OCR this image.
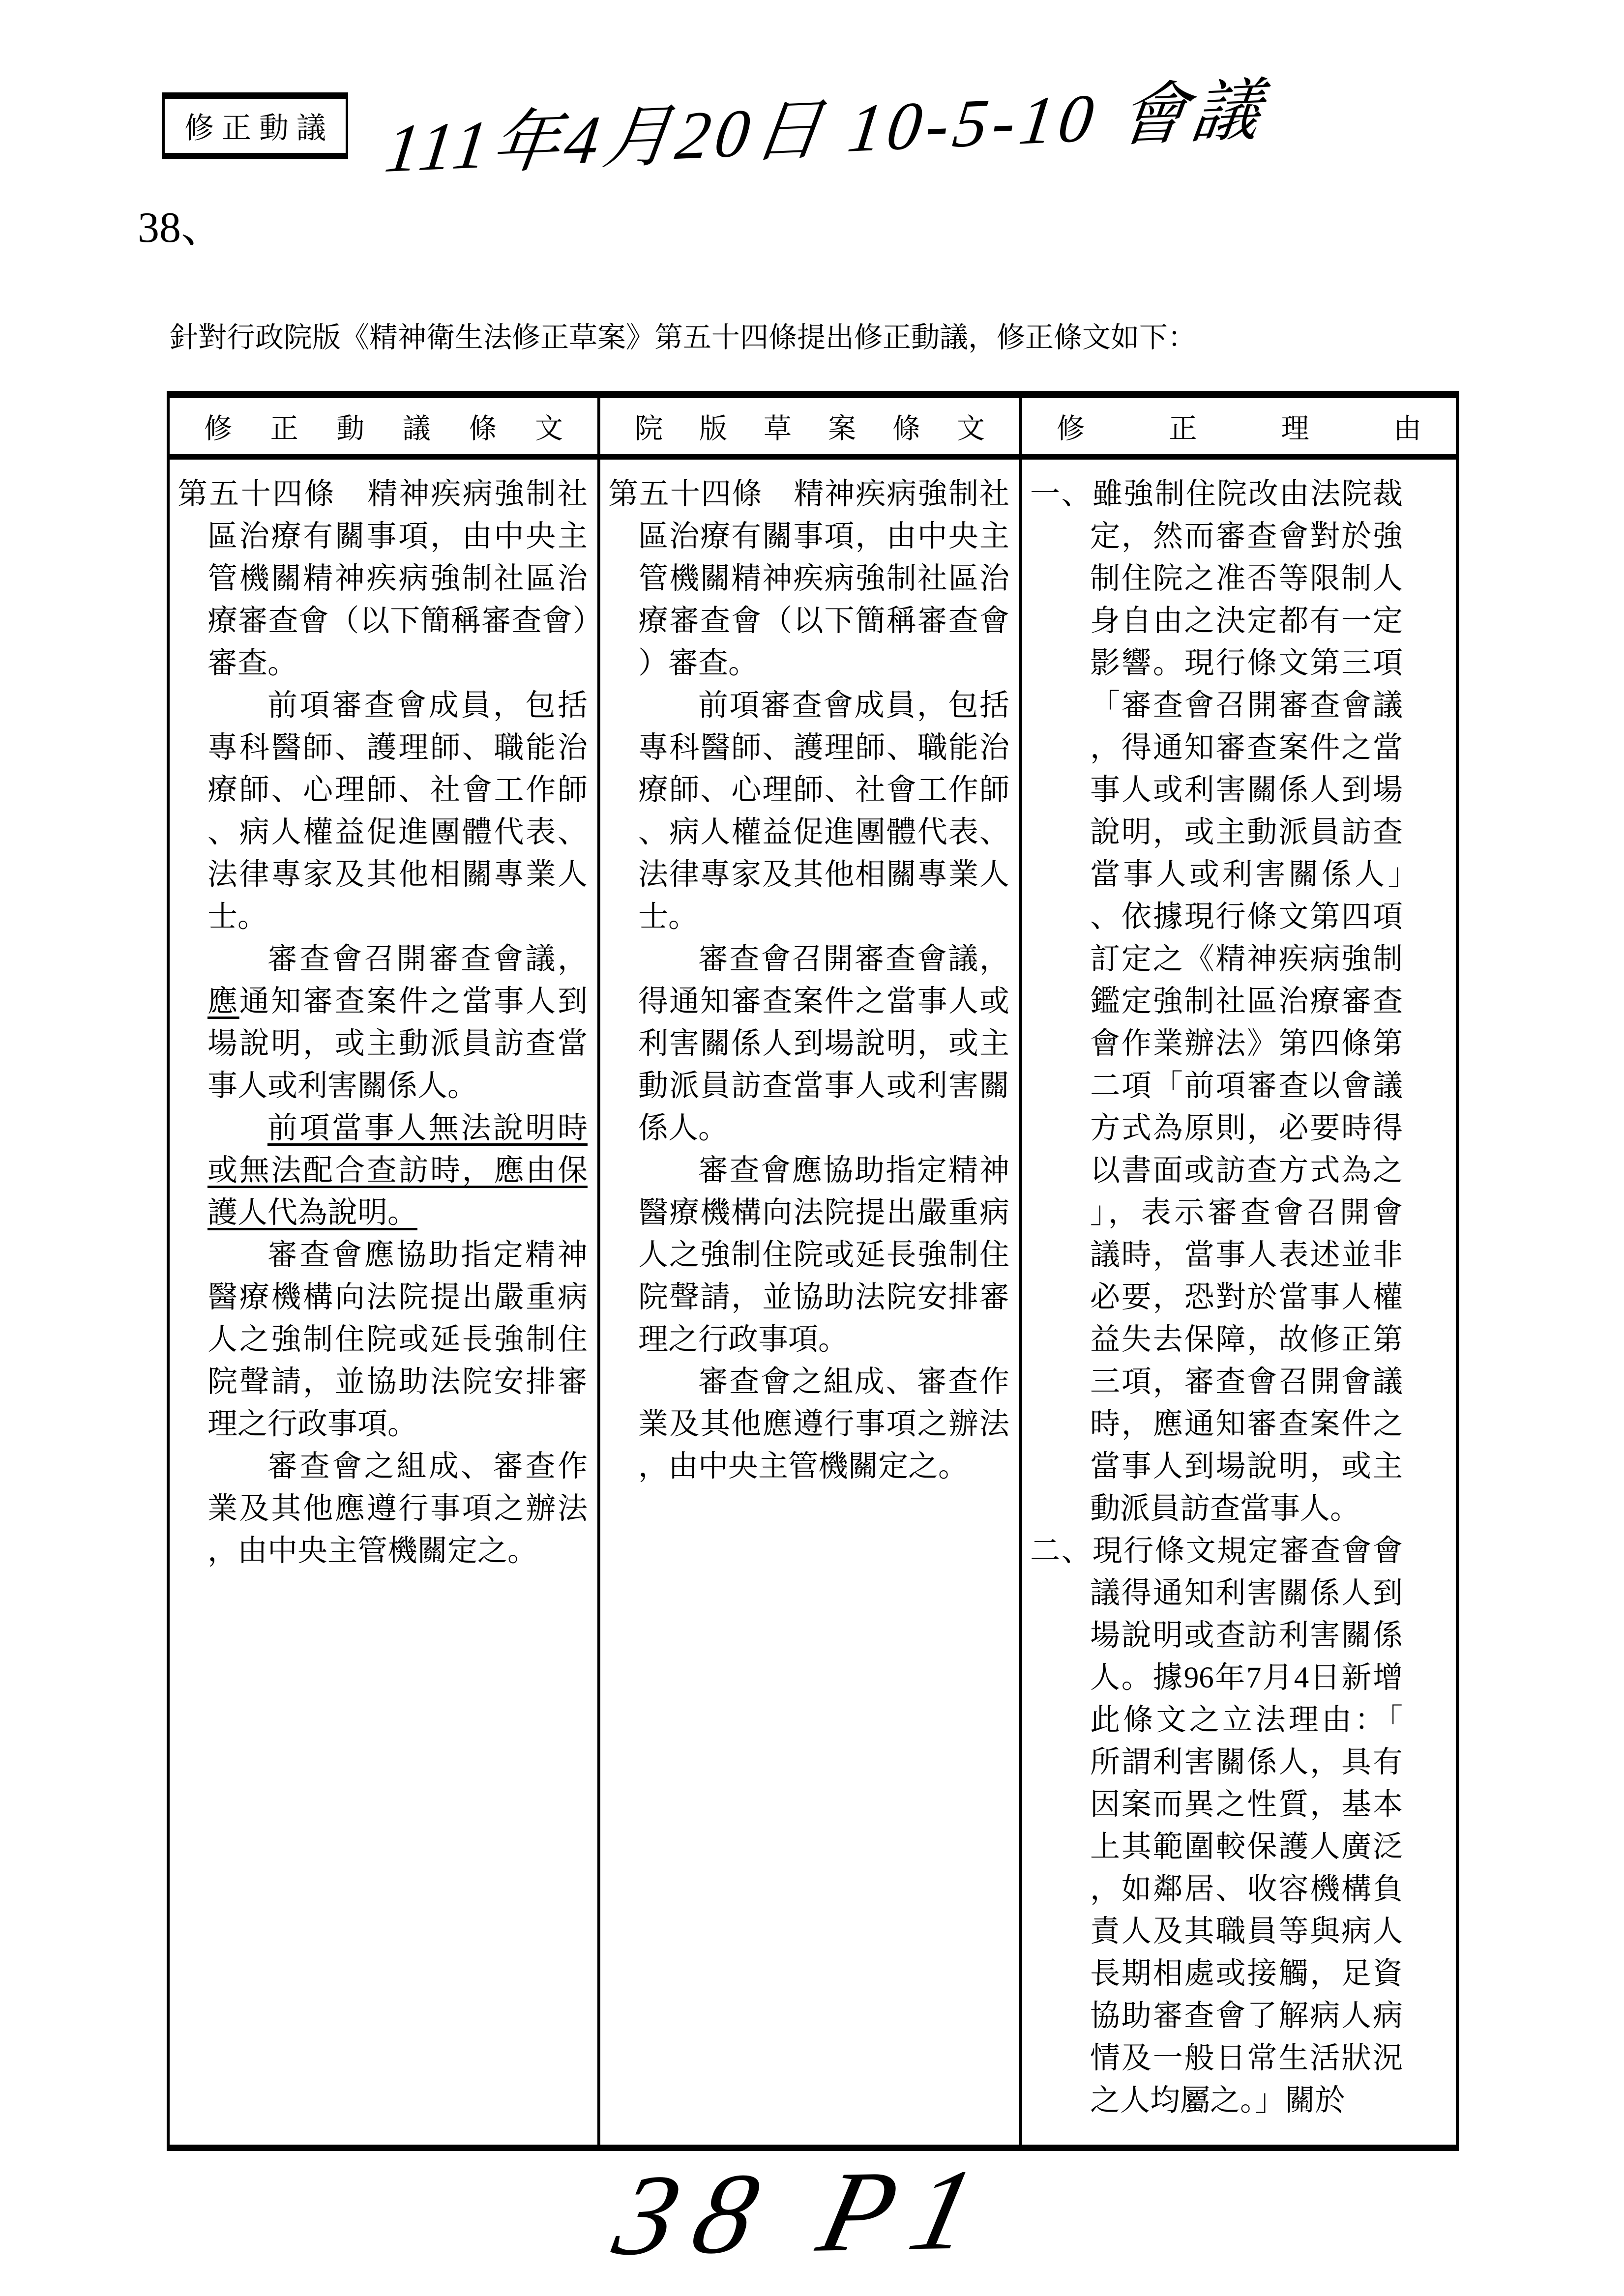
修正動議 111年4月20日 10-5-10 會議
38、
針對行政院版《精神衛生法修正草案》第五十四條提出修正動議，修正條文如下：
修正動議條文	院版草案條文	修正理由

第五十四條　精神疾病強制社區治療有關事項，由中央主管機關精神疾病強制社區治療審查會（以下簡稱審查會）審查。

前項審查會成員，包括專科醫師、護理師、職能治療師、心理師、社會工作師、病人權益促進團體代表、法律專家及其他相關專業人士。

審查會召開審查會議，應通知審查案件之當事人到場說明，或主動派員訪查當事人或利害關係人。

前項當事人無法說明時或無法配合查訪時，應由保護人代為說明。

審查會應協助指定精神醫療機構向法院提出嚴重病人之強制住院或延長強制住院聲請，並協助法院安排審理之行政事項。

審查會之組成、審查作業及其他應遵行事項之辦法，由中央主管機關定之。

第五十四條　精神疾病強制社區治療有關事項，由中央主管機關精神疾病強制社區治療審查會（以下簡稱審查會）審查。

前項審查會成員，包括專科醫師、護理師、職能治療師、心理師、社會工作師、病人權益促進團體代表、法律專家及其他相關專業人士。

審查會召開審查會議，得通知審查案件之當事人或利害關係人到場說明，或主動派員訪查當事人或利害關係人。

審查會應協助指定精神醫療機構向法院提出嚴重病人之強制住院或延長強制住院聲請，並協助法院安排審理之行政事項。

審查會之組成、審查作業及其他應遵行事項之辦法，由中央主管機關定之。

一、雖強制住院改由法院裁定，然而審查會對於強制住院之准否等限制人身自由之決定都有一定影響。現行條文第三項「審查會召開審查會議，得通知審查案件之當事人或利害關係人到場說明，或主動派員訪查當事人或利害關係人」、依據現行條文第四項訂定之《精神疾病強制鑑定強制社區治療審查會作業辦法》第四條第二項「前項審查以會議方式為原則，必要時得以書面或訪查方式為之」，表示審查會召開會議時，當事人表述並非必要，恐對於當事人權益失去保障，故修正第三項，審查會召開會議時，應通知審查案件之當事人到場說明，或主動派員訪查當事人。

二、現行條文規定審查會會議得通知利害關係人到場說明或查訪利害關係人。據96年7月4日新增此條文之立法理由：「所謂利害關係人，具有因案而異之性質，基本上其範圍較保護人廣泛，如鄰居、收容機構負責人及其職員等與病人長期相處或接觸，足資協助審查會了解病人病情及一般日常生活狀況之人均屬之。」關於

38 P1
